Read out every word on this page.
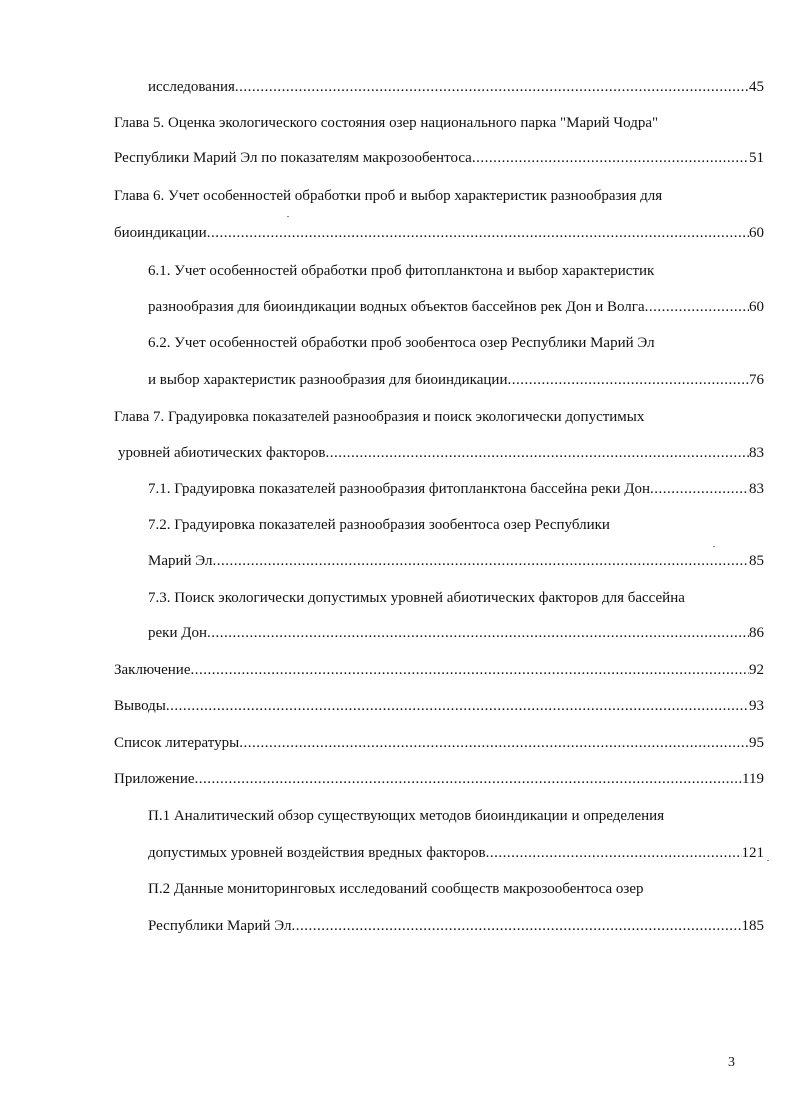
исследования .....	45
Глава 5. Оценка экологического состояния озер национального парка "Марий Чодра"
Республики Марий Эл по показателям макрозообентоса .....	51
Глава 6. Учет особенностей обработки проб и выбор характеристик разнообразия для
биоиндикации .....	60
6.1. Учет особенностей обработки проб фитопланктона и выбор характеристик
разнообразия для биоиндикации водных объектов бассейнов рек Дон и Волга .....	60
6.2. Учет особенностей обработки проб зообентоса озер Республики Марий Эл
и выбор характеристик разнообразия для биоиндикации .....	76
Глава 7. Градуировка показателей разнообразия и поиск экологически допустимых
уровней абиотических факторов .....	83
7.1. Градуировка показателей разнообразия фитопланктона бассейна реки Дон .....	83
7.2. Градуировка показателей разнообразия зообентоса озер Республики
Марий Эл .....	85
7.3. Поиск экологически допустимых уровней абиотических факторов для бассейна
реки Дон .....	86
Заключение .....	92
Выводы .....	93
Список литературы .....	95
Приложение .....	119
П.1 Аналитический обзор существующих методов биоиндикации и определения
допустимых уровней воздействия вредных факторов .....	121
П.2 Данные мониторинговых исследований сообществ макрозообентоса озер
Республики Марий Эл .....	185
3
